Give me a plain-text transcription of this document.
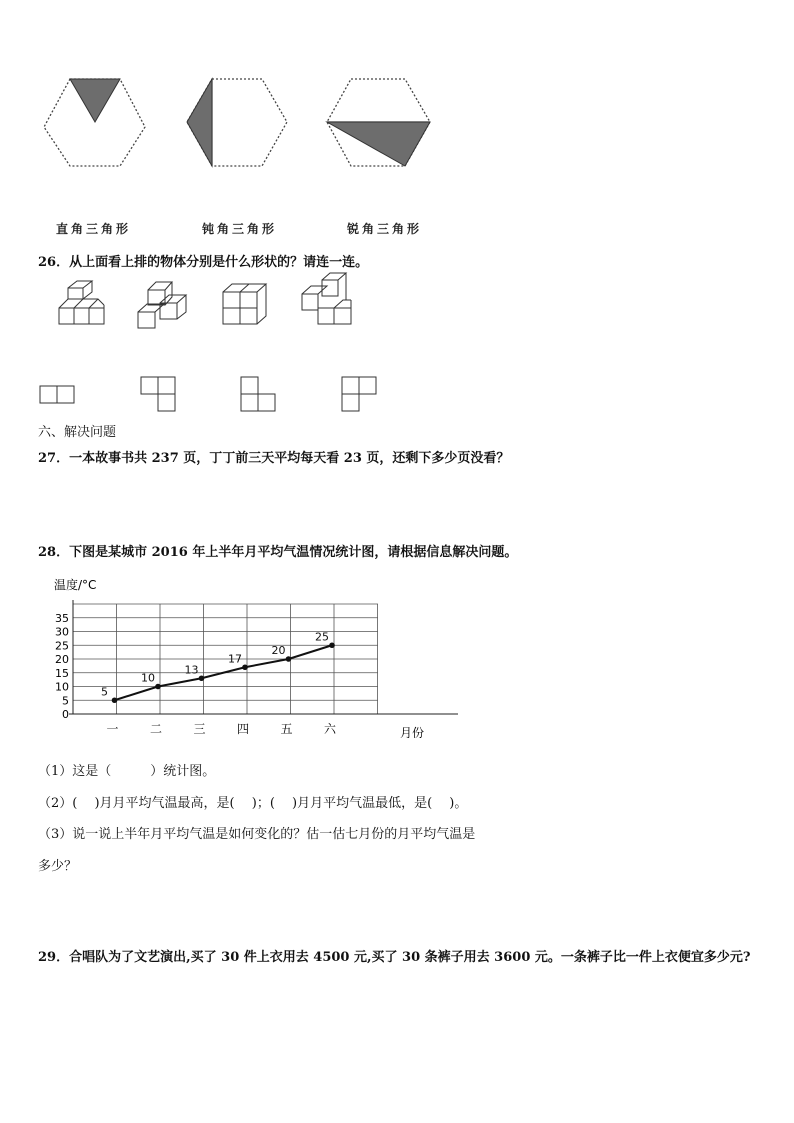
直角三角形	钝角三角形	锐角三角形
26．从上面看上排的物体分别是什么形状的？请连一连。
六、解决问题
27．一本故事书共 237 页，丁丁前三天平均每天看 23 页，还剩下多少页没看？
28．下图是某城市 2016 年上半年月平均气温情况统计图，请根据信息解决问题。
温度/°C
0
5
10
15
20
25
30
35
一	二	三	四	五	六
5
10
13
17
20
25
月份
（1）这是（　　　）统计图。
（2）(　 )月月平均气温最高，是(　 )；(　 )月月平均气温最低，是(　 )。
（3）说一说上半年月平均气温是如何变化的？估一估七月份的月平均气温是
多少？
29．合唱队为了文艺演出,买了 30 件上衣用去 4500 元,买了 30 条裤子用去 3600 元。一条裤子比一件上衣便宜多少元?
